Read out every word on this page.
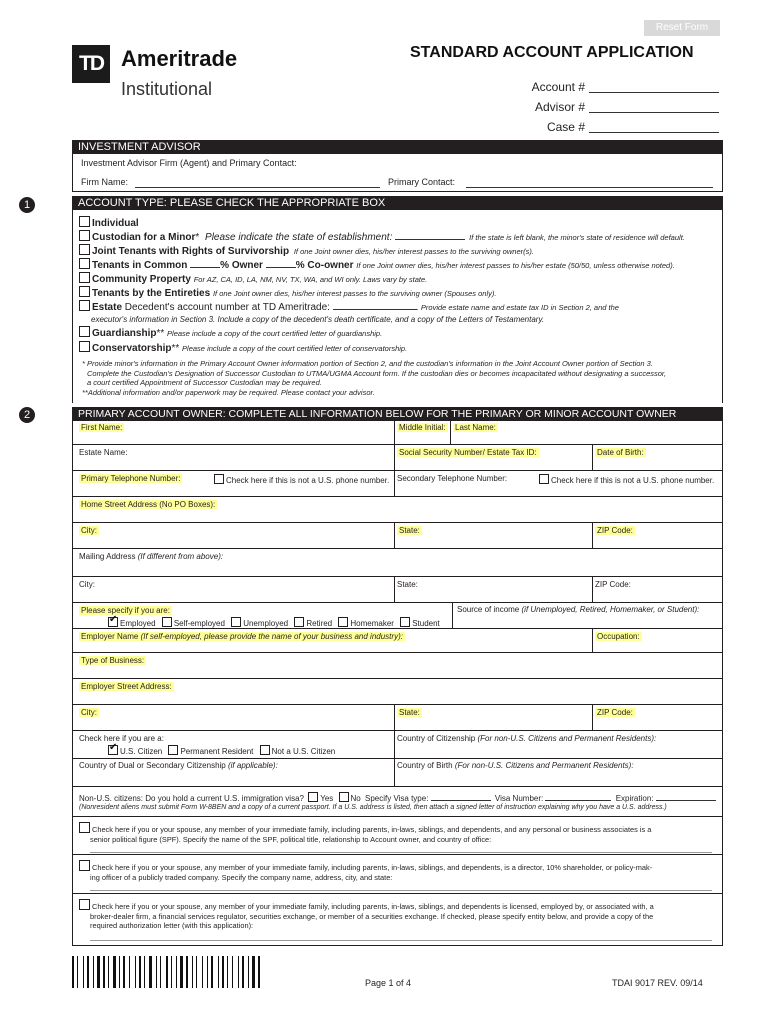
Reset Form
TD Ameritrade
Institutional
STANDARD ACCOUNT APPLICATION
Account #
Advisor #
Case #
INVESTMENT ADVISOR
Investment Advisor Firm (Agent) and Primary Contact:
Firm Name:	Primary Contact:
1	ACCOUNT TYPE: PLEASE CHECK THE APPROPRIATE BOX
Individual
Custodian for a Minor* Please indicate the state of establishment:	If the state is left blank, the minor's state of residence will default.
Joint Tenants with Rights of Survivorship If one Joint owner dies, his/her interest passes to the surviving owner(s).
Tenants in Common	% Owner	% Co-owner If one Joint owner dies, his/her interest passes to his/her estate (50/50, unless otherwise noted).
Community Property For AZ, CA, ID, LA, NM, NV, TX, WA, and WI only. Laws vary by state.
Tenants by the Entireties If one Joint owner dies, his/her interest passes to the surviving owner (Spouses only).
Estate Decedent's account number at TD Ameritrade:	. Provide estate name and estate tax ID in Section 2, and the
executor's information in Section 3. Include a copy of the decedent's death certificate, and a copy of the Letters of Testamentary.
Guardianship** Please include a copy of the court certified letter of guardianship.
Conservatorship** Please include a copy of the court certified letter of conservatorship.
* Provide minor's information in the Primary Account Owner information portion of Section 2, and the custodian's information in the Joint Account Owner portion of Section 3.
Complete the Custodian's Designation of Successor Custodian to UTMA/UGMA Account form. If the custodian dies or becomes incapacitated without designating a successor,
a court certified Appointment of Successor Custodian may be required.
**Additional information and/or paperwork may be required. Please contact your advisor.
2	PRIMARY ACCOUNT OWNER: COMPLETE ALL INFORMATION BELOW FOR THE PRIMARY OR MINOR ACCOUNT OWNER
First Name:	Middle Initial: Last Name:
Estate Name:	Social Security Number/ Estate Tax ID:	Date of Birth:
Primary Telephone Number:	Check here if this is not a U.S. phone number. Secondary Telephone Number:	Check here if this is not a U.S. phone number.
Home Street Address (No PO Boxes):
City:	State:	ZIP Code:
Mailing Address (If different from above):
City:	State:	ZIP Code:
Please specify if you are:
✔Employed Self-employed Unemployed Retired Homemaker Student
Source of income (if Unemployed, Retired, Homemaker, or Student):
Employer Name (If self-employed, please provide the name of your business and industry):	Occupation:
Type of Business:
Employer Street Address:
City:	State:	ZIP Code:
Check here if you are a:
✔U.S. Citizen Permanent Resident Not a U.S. Citizen
Country of Citizenship (For non-U.S. Citizens and Permanent Residents):
Country of Dual or Secondary Citizenship (if applicable):	Country of Birth (For non-U.S. Citizens and Permanent Residents):
Non-U.S. citizens: Do you hold a current U.S. immigration visa? Yes No Specify Visa type:	Visa Number:	Expiration:
(Nonresident aliens must submit Form W-8BEN and a copy of a current passport. If a U.S. address is listed, then attach a signed letter of instruction explaining why you have a U.S. address.)
Check here if you or your spouse, any member of your immediate family, including parents, in-laws, siblings, and dependents, and any personal or business associates is a
senior political figure (SPF). Specify the name of the SPF, political title, relationship to Account owner, and country of office:
Check here if you or your spouse, any member of your immediate family, including parents, in-laws, siblings, and dependents, is a director, 10% shareholder, or policy-mak-
ing officer of a publicly traded company. Specify the company name, address, city, and state:
Check here if you or your spouse, any member of your immediate family, including parents, in-laws, siblings, and dependents is licensed, employed by, or associated with, a
broker-dealer firm, a financial services regulator, securities exchange, or member of a securities exchange. If checked, please specify entity below, and provide a copy of the
required authorization letter (with this application):
Page 1 of 4	TDAI 9017 REV. 09/14
